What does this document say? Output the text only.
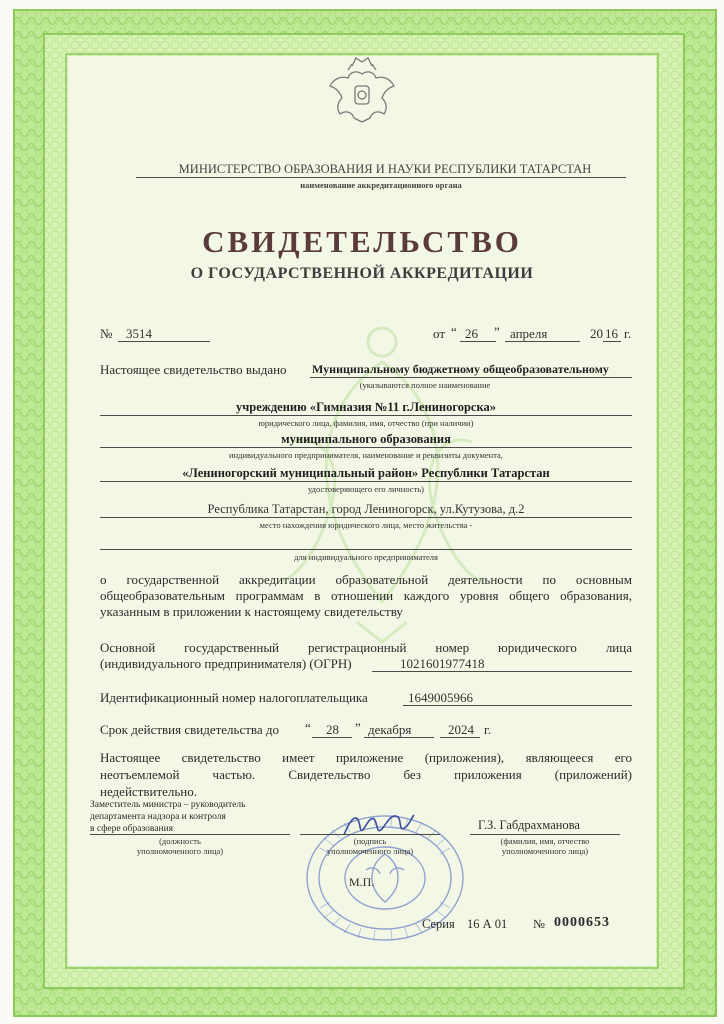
МИНИСТЕРСТВО ОБРАЗОВАНИЯ И НАУКИ РЕСПУБЛИКИ ТАТАРСТАН
наименование аккредитационного органа
СВИДЕТЕЛЬСТВО
О ГОСУДАРСТВЕННОЙ АККРЕДИТАЦИИ
№ 3514	от “ 26 ” апреля	20 16 г.
Настоящее свидетельство выдано Муниципальному бюджетному общеобразовательному
(указываются полное наименование
учреждению «Гимназия №11 г.Лениногорска»
юридического лица, фамилия, имя, отчество (при наличии)
муниципального образования
индивидуального предпринимателя, наименование и реквизиты документа,
«Лениногорский муниципальный район» Республики Татарстан
удостоверяющего его личность)
Республика Татарстан, город Лениногорск, ул.Кутузова, д.2
место нахождения юридического лица, место жительства -
для индивидуального предпринимателя
о государственной аккредитации образовательной деятельности по основным
общеобразовательным программам в отношении каждого уровня общего образования,
указанным в приложении к настоящему свидетельству
Основной государственный регистрационный номер юридического лица
(индивидуального предпринимателя) (ОГРН)	1021601977418
Идентификационный номер налогоплательщика	1649005966
Срок действия свидетельства до “ 28 ” декабря	2024 г.
Настоящее свидетельство имеет приложение (приложения), являющееся его
неотъемлемой частью. Свидетельство без приложения (приложений)
недействительно.
Заместитель министра – руководитель
департамента надзора и контроля
в сфере образования
(должность
уполномоченного лица)
(подпись
уполномоченного лица)
Г.З. Габдрахманова
(фамилия, имя, отчество
уполномоченного лица)
М.П.
Серия 16 А 01 № 0000653
